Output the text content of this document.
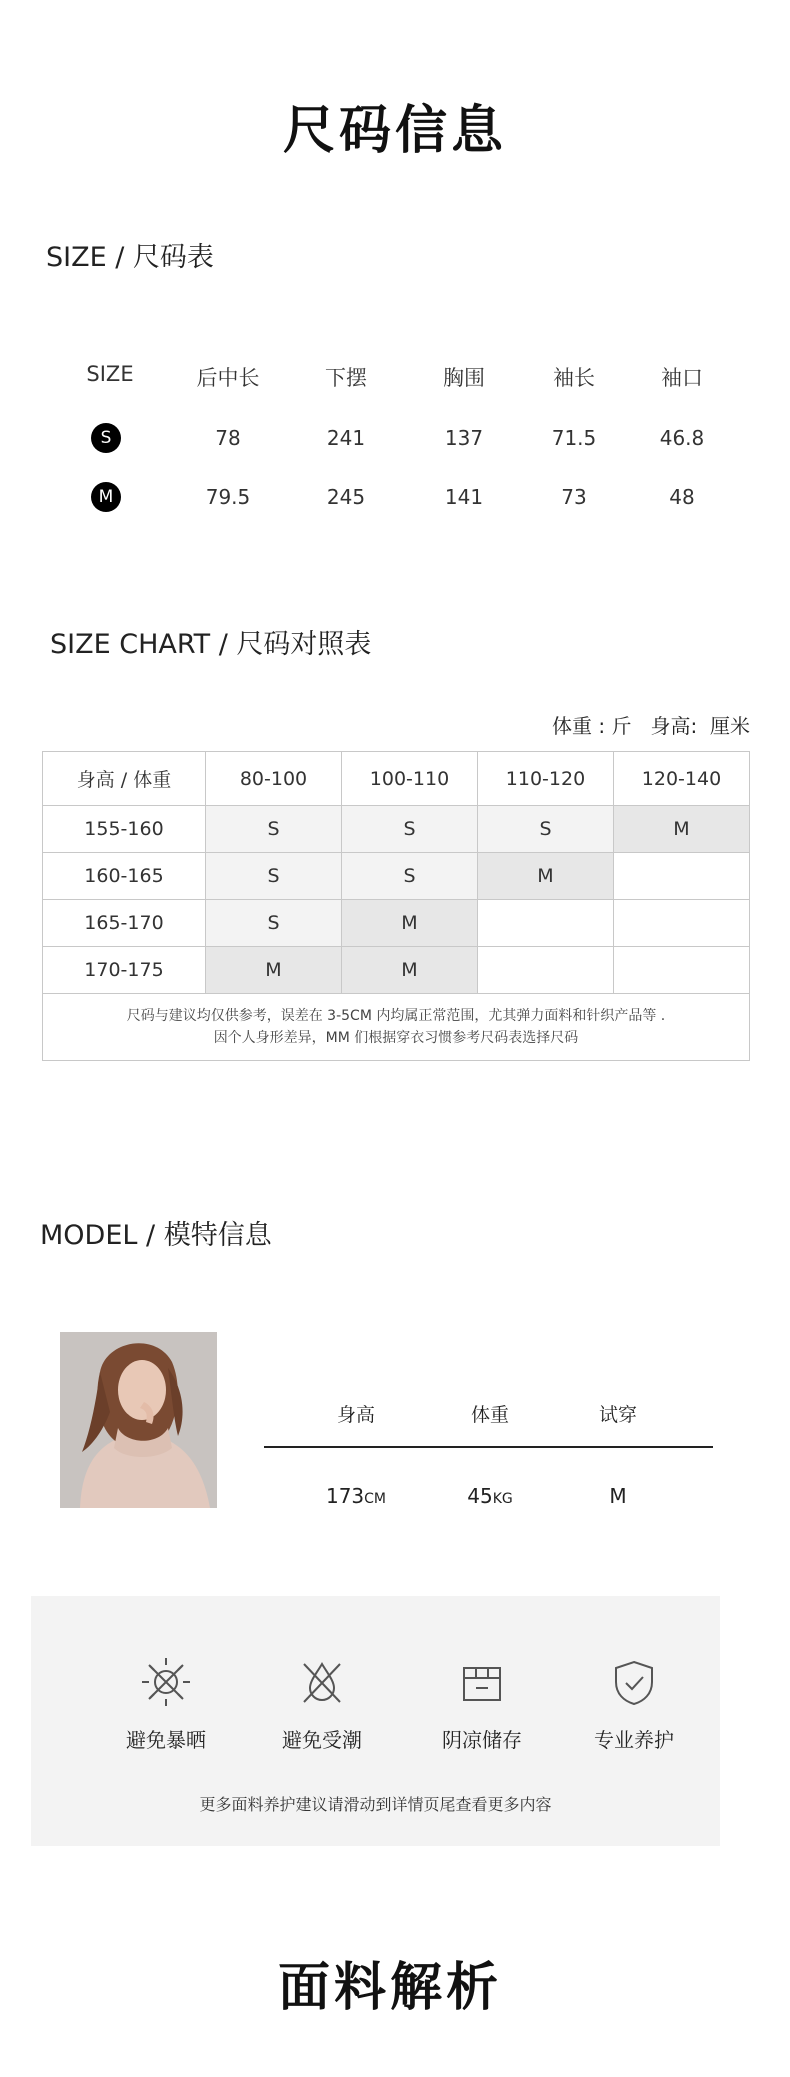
尺码信息
SIZE / 尺码表
SIZE	后中长	下摆	胸围	袖长	袖口
S	78	241	137	71.5	46.8
M	79.5	245	141	73	48
SIZE CHART / 尺码对照表
体重 : 斤   身高:  厘米
身高 / 体重	80-100	100-110	110-120	120-140
155-160	S	S	S	M
160-165	S	S	M	
165-170	S	M		
170-175	M	M		

尺码与建议均仅供参考，误差在 3-5CM 内均属正常范围，尤其弹力面料和针织产品等 .
因个人身形差异，MM 们根据穿衣习惯参考尺码表选择尺码				
MODEL / 模特信息
身高	体重	试穿
173CM	45KG	M
避免暴晒	避免受潮	阴凉储存	专业养护
更多面料养护建议请滑动到详情页尾查看更多内容
面料解析
